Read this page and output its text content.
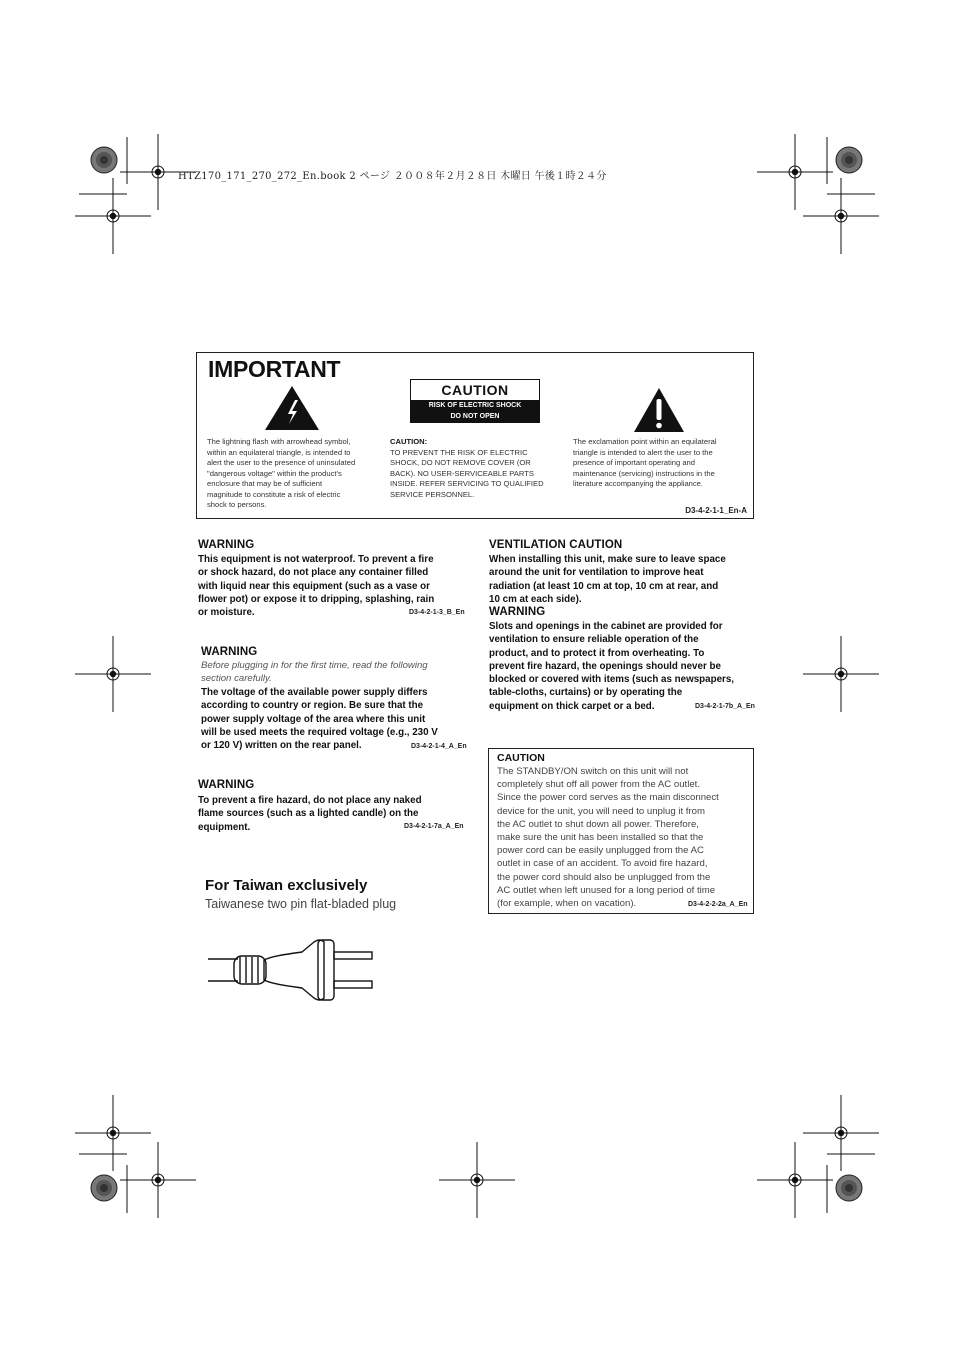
HTZ170_171_270_272_En.book 2 ページ ２００８年２月２８日 木曜日 午後１時２４分
IMPORTANT
CAUTION
RISK OF ELECTRIC SHOCK
DO NOT OPEN
The lightning flash with arrowhead symbol,
within an equilateral triangle, is intended to
alert the user to the presence of uninsulated
"dangerous voltage" within the product's
enclosure that may be of sufficient
magnitude to constitute a risk of electric
shock to persons.
CAUTION:
TO PREVENT THE RISK OF ELECTRIC
SHOCK, DO NOT REMOVE COVER (OR
BACK). NO USER-SERVICEABLE PARTS
INSIDE. REFER SERVICING TO QUALIFIED
SERVICE PERSONNEL.
The exclamation point within an equilateral
triangle is intended to alert the user to the
presence of important operating and
maintenance (servicing) instructions in the
literature accompanying the appliance.
D3-4-2-1-1_En-A
WARNING
This equipment is not waterproof. To prevent a fire
or shock hazard, do not place any container filled
with liquid near this equipment (such as a vase or
flower pot) or expose it to dripping, splashing, rain
or moisture.	D3-4-2-1-3_B_En
WARNING
Before plugging in for the first time, read the following
section carefully.
The voltage of the available power supply differs
according to country or region. Be sure that the
power supply voltage of the area where this unit
will be used meets the required voltage (e.g., 230 V
or 120 V) written on the rear panel.	D3-4-2-1-4_A_En
WARNING
To prevent a fire hazard, do not place any naked
flame sources (such as a lighted candle) on the
equipment.	D3-4-2-1-7a_A_En
For Taiwan exclusively
Taiwanese two pin flat-bladed plug
VENTILATION CAUTION
When installing this unit, make sure to leave space
around the unit for ventilation to improve heat
radiation (at least 10 cm at top, 10 cm at rear, and
10 cm at each side).
WARNING
Slots and openings in the cabinet are provided for
ventilation to ensure reliable operation of the
product, and to protect it from overheating. To
prevent fire hazard, the openings should never be
blocked or covered with items (such as newspapers,
table-cloths, curtains) or by operating the
equipment on thick carpet or a bed.	D3-4-2-1-7b_A_En
CAUTION
The STANDBY/ON switch on this unit will not
completely shut off all power from the AC outlet.
Since the power cord serves as the main disconnect
device for the unit, you will need to unplug it from
the AC outlet to shut down all power. Therefore,
make sure the unit has been installed so that the
power cord can be easily unplugged from the AC
outlet in case of an accident. To avoid fire hazard,
the power cord should also be unplugged from the
AC outlet when left unused for a long period of time
(for example, when on vacation).	D3-4-2-2-2a_A_En
